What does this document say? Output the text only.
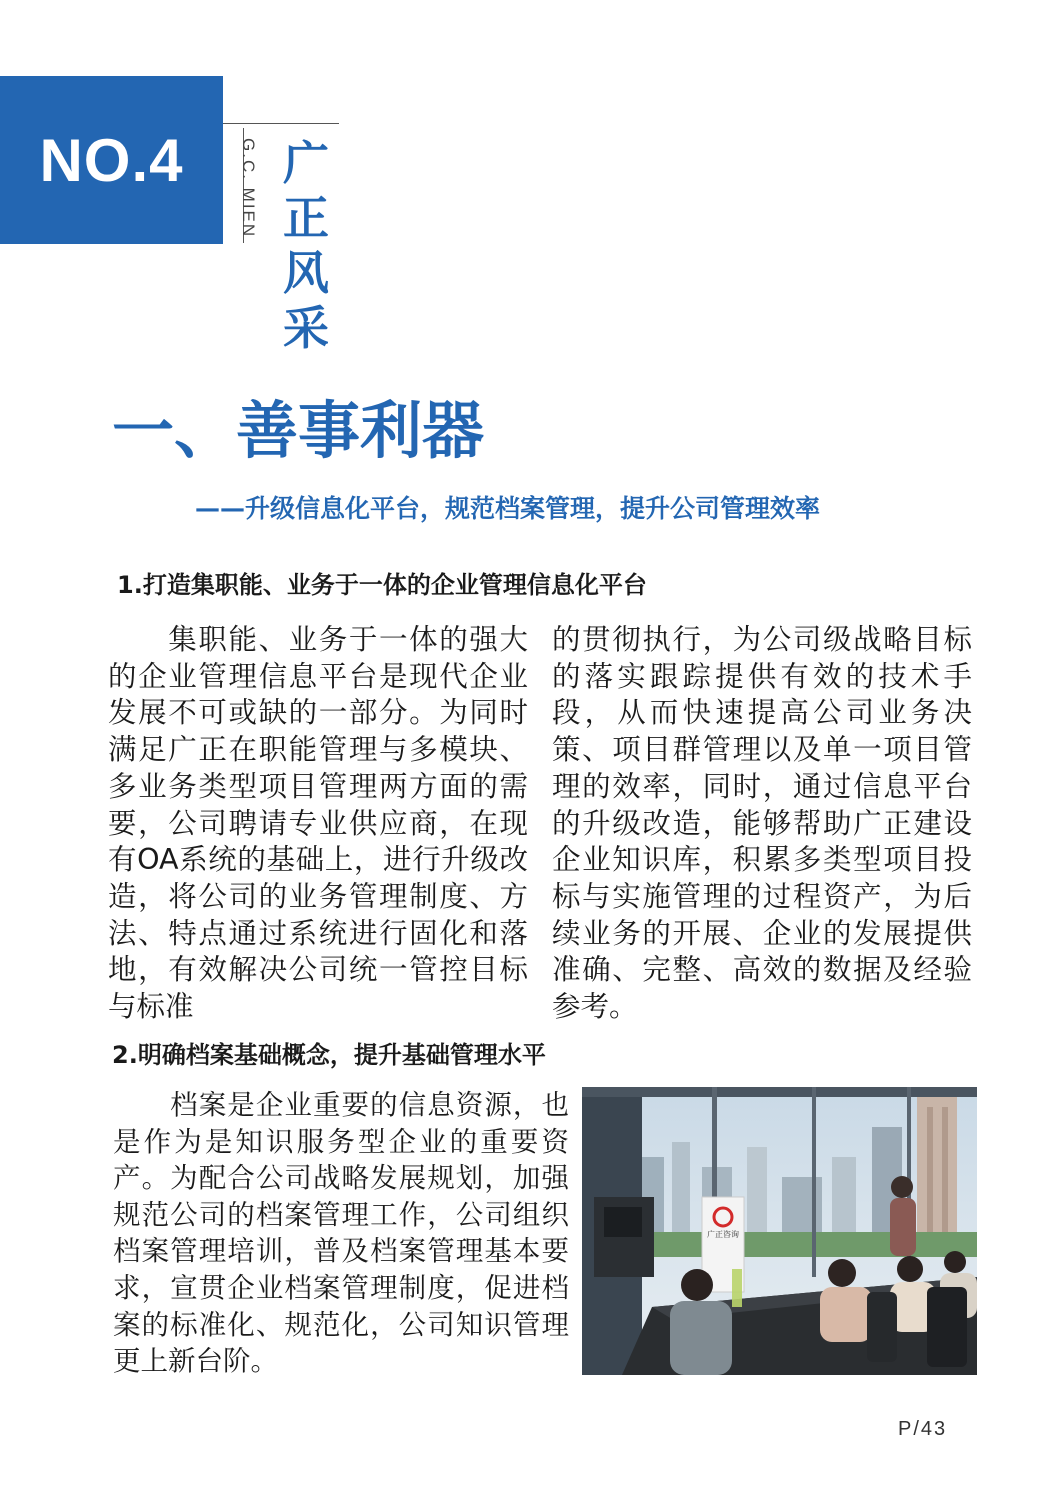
NO.4	G.C. MIEN 广正风采
一、善事利器
——升级信息化平台，规范档案管理，提升公司管理效率
1.打造集职能、业务于一体的企业管理信息化平台
　　集职能、业务于一体的强大的企业管理信息平台是现代企业发展不可或缺的一部分。为同时满足广正在职能管理与多模块、多业务类型项目管理两方面的需要，公司聘请专业供应商，在现有OA系统的基础上，进行升级改造，将公司的业务管理制度、方法、特点通过系统进行固化和落地，有效解决公司统一管控目标与标准
的贯彻执行，为公司级战略目标的落实跟踪提供有效的技术手段，从而快速提高公司业务决策、项目群管理以及单一项目管理的效率，同时，通过信息平台的升级改造，能够帮助广正建设企业知识库，积累多类型项目投标与实施管理的过程资产，为后续业务的开展、企业的发展提供准确、完整、高效的数据及经验参考。
2.明确档案基础概念，提升基础管理水平
　　档案是企业重要的信息资源，也是作为是知识服务型企业的重要资产。为配合公司战略发展规划，加强规范公司的档案管理工作，公司组织档案管理培训，普及档案管理基本要求，宣贯企业档案管理制度，促进档案的标准化、规范化，公司知识管理更上新台阶。
广正咨询
P/43
